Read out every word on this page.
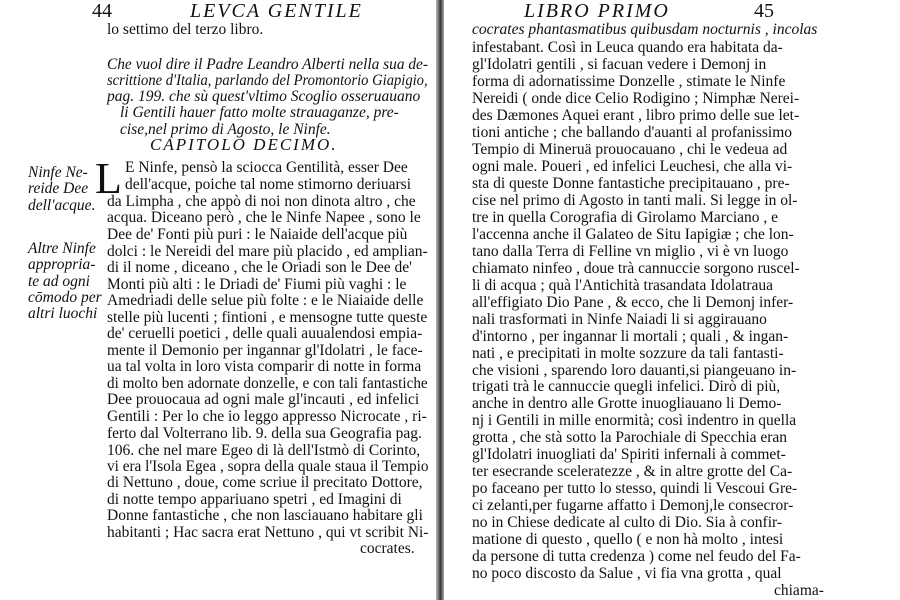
44	LEVCA GENTILE
lo settimo del terzo libro.
Che vuol dire il Padre Leandro Alberti nella sua de-
scrittione d'Italia, parlando del Promontorio Giapigio,
pag. 199. che sù quest'vltimo Scoglio osseruauano
li Gentili hauer fatto molte strauaganze, pre-
cise,nel primo di Agosto, le Ninfe.
CAPITOLO DECIMO.
L E Ninfe, pensò la sciocca Gentilità, esser Dee
dell'acque, poiche tal nome stimorno deriuarsi
da Limpha , che appò di noi non dinota altro , che
acqua. Diceano però , che le Ninfe Napee , sono le
Dee de' Fonti più puri : le Naiaide dell'acque più
dolci : le Nereidi del mare più placido , ed amplian-
di il nome , diceano , che le Oriadi son le Dee de'
Monti più alti : le Driadi de' Fiumi più vaghi : le
Amedriadi delle selue più folte : e le Niaiaide delle
stelle più lucenti ; fintioni , e mensogne tutte queste
de' ceruelli poetici , delle quali auualendosi empia-
mente il Demonio per ingannar gl'Idolatri , le face-
ua tal volta in loro vista comparir di notte in forma
di molto ben adornate donzelle, e con tali fantastiche
Dee prouocaua ad ogni male gl'incauti , ed infelici
Gentili : Per lo che io leggo appresso Nicrocate , ri-
ferto dal Volterrano lib. 9. della sua Geografia pag.
106. che nel mare Egeo di là dell'Istmò di Corinto,
vi era l'Isola Egea , sopra della quale staua il Tempio
di Nettuno , doue, come scriue il precitato Dottore,
di notte tempo appariuano spetri , ed Imagini di
Donne fantastiche , che non lasciauano habitare gli
habitanti ; Hac sacra erat Nettuno , qui vt scribit Ni-
cocrates.
Ninfe Ne-
reide Dee
dell'acque.
Altre Ninfe
appropria-
te ad ogni
cōmodo per
altri luochi
LIBRO PRIMO	45
cocrates phantasmatibus quibusdam nocturnis , incolas
infestabant. Così in Leuca quando era habitata da-
gl'Idolatri gentili , si facuan vedere i Demonj in
forma di adornatissime Donzelle , stimate le Ninfe
Nereidi ( onde dice Celio Rodigino ; Nimphæ Nerei-
des Dæmones Aquei erant , libro primo delle sue let-
tioni antiche ; che ballando d'auanti al profanissimo
Tempio di Mineruä prouocauano , chi le vedeua ad
ogni male. Poueri , ed infelici Leuchesi, che alla vi-
sta di queste Donne fantastiche precipitauano , pre-
cise nel primo di Agosto in tanti mali. Si legge in ol-
tre in quella Corografia di Girolamo Marciano , e
l'accenna anche il Galateo de Situ Iapigiæ ; che lon-
tano dalla Terra di Felline vn miglio , vi è vn luogo
chiamato ninfeo , doue trà cannuccie sorgono ruscel-
li di acqua ; quà l'Antichità trasandata Idolatraua
all'effigiato Dio Pane , & ecco, che li Demonj infer-
nali trasformati in Ninfe Naiadi li si aggirauano
d'intorno , per ingannar li mortali ; quali , & ingan-
nati , e precipitati in molte sozzure da tali fantasti-
che visioni , sparendo loro dauanti,si piangeuano in-
trigati trà le cannuccie quegli infelici. Dirò di più,
anche in dentro alle Grotte inuogliauano li Demo-
nj i Gentili in mille enormità; così indentro in quella
grotta , che stà sotto la Parochiale di Specchia eran
gl'Idolatri inuogliati da' Spiriti infernali à commet-
ter esecrande sceleratezze , & in altre grotte del Ca-
po faceano per tutto lo stesso, quindi li Vescoui Gre-
ci zelanti,per fugarne affatto i Demonj,le consecror-
no in Chiese dedicate al culto di Dio. Sia à confir-
matione di questo , quello ( e non hà molto , intesi
da persone di tutta credenza ) come nel feudo del Fa-
no poco discosto da Salue , vi fia vna grotta , qual
chiama-
